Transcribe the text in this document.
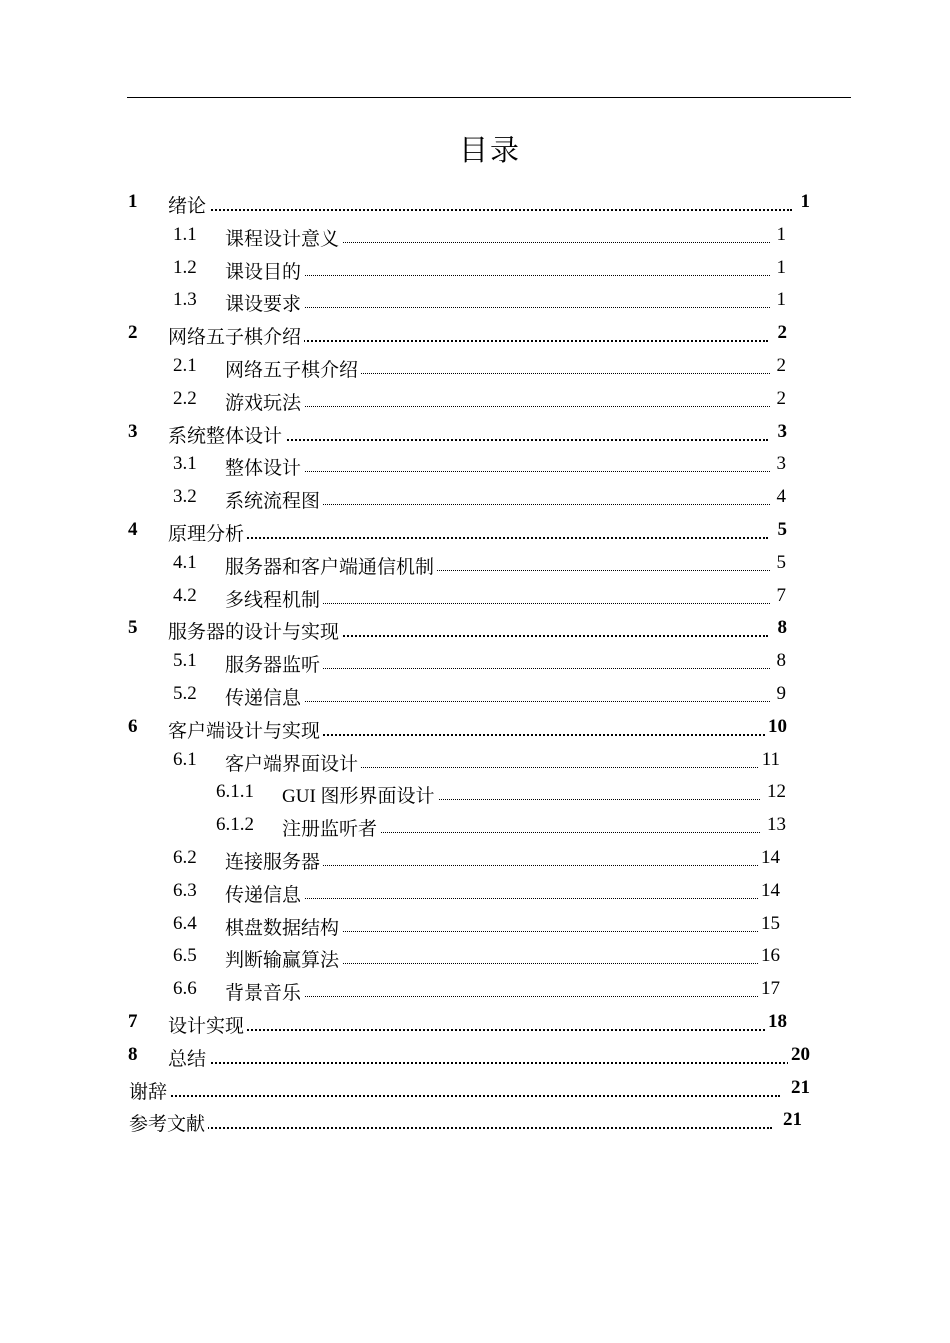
目录
1 绪论	1
1.1 课程设计意义	1
1.2 课设目的	1
1.3 课设要求	1
2 网络五子棋介绍	2
2.1 网络五子棋介绍	2
2.2 游戏玩法	2
3 系统整体设计	3
3.1 整体设计	3
3.2 系统流程图	4
4 原理分析	5
4.1 服务器和客户端通信机制	5
4.2 多线程机制	7
5 服务器的设计与实现	8
5.1 服务器监听	8
5.2 传递信息	9
6 客户端设计与实现	10
6.1 客户端界面设计	11
6.1.1 GUI 图形界面设计	12
6.1.2 注册监听者	13
6.2 连接服务器	14
6.3 传递信息	14
6.4 棋盘数据结构	15
6.5 判断输赢算法	16
6.6 背景音乐	17
7 设计实现	18
8 总结	20
谢辞	21
参考文献	21
